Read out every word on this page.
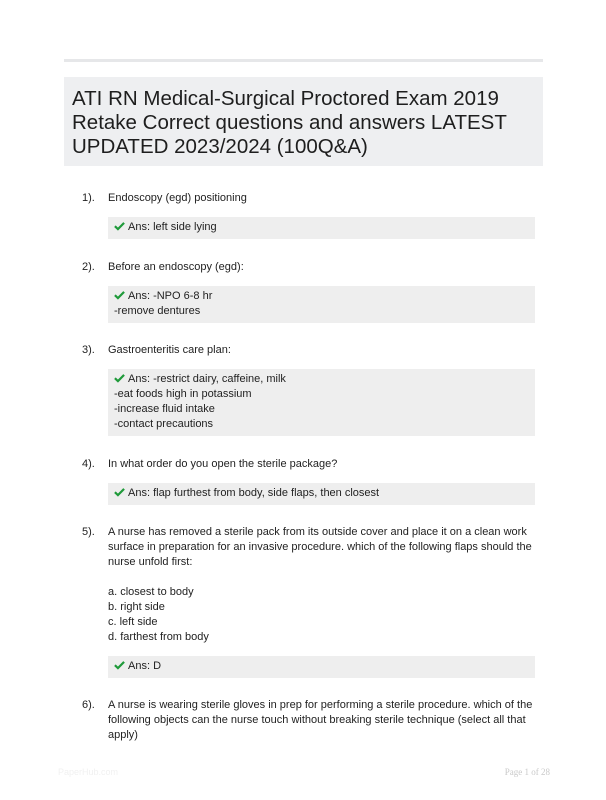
ATI RN Medical-Surgical Proctored Exam 2019 Retake Correct questions and answers LATEST UPDATED 2023/2024 (100Q&A)
1).	Endoscopy (egd) positioning
Ans: left side lying
2).	Before an endoscopy (egd):
Ans: -NPO 6-8 hr
-remove dentures
3).	Gastroenteritis care plan:
Ans: -restrict dairy, caffeine, milk
-eat foods high in potassium
-increase fluid intake
-contact precautions
4).	In what order do you open the sterile package?
Ans: flap furthest from body, side flaps, then closest
5).	A nurse has removed a sterile pack from its outside cover and place it on a clean work surface in preparation for an invasive procedure. which of the following flaps should the nurse unfold first:

a. closest to body
b. right side
c. left side
d. farthest from body
Ans: D
6).	A nurse is wearing sterile gloves in prep for performing a sterile procedure. which of the following objects can the nurse touch without breaking sterile technique (select all that apply)
PaperHub.com	Page 1 of 28
